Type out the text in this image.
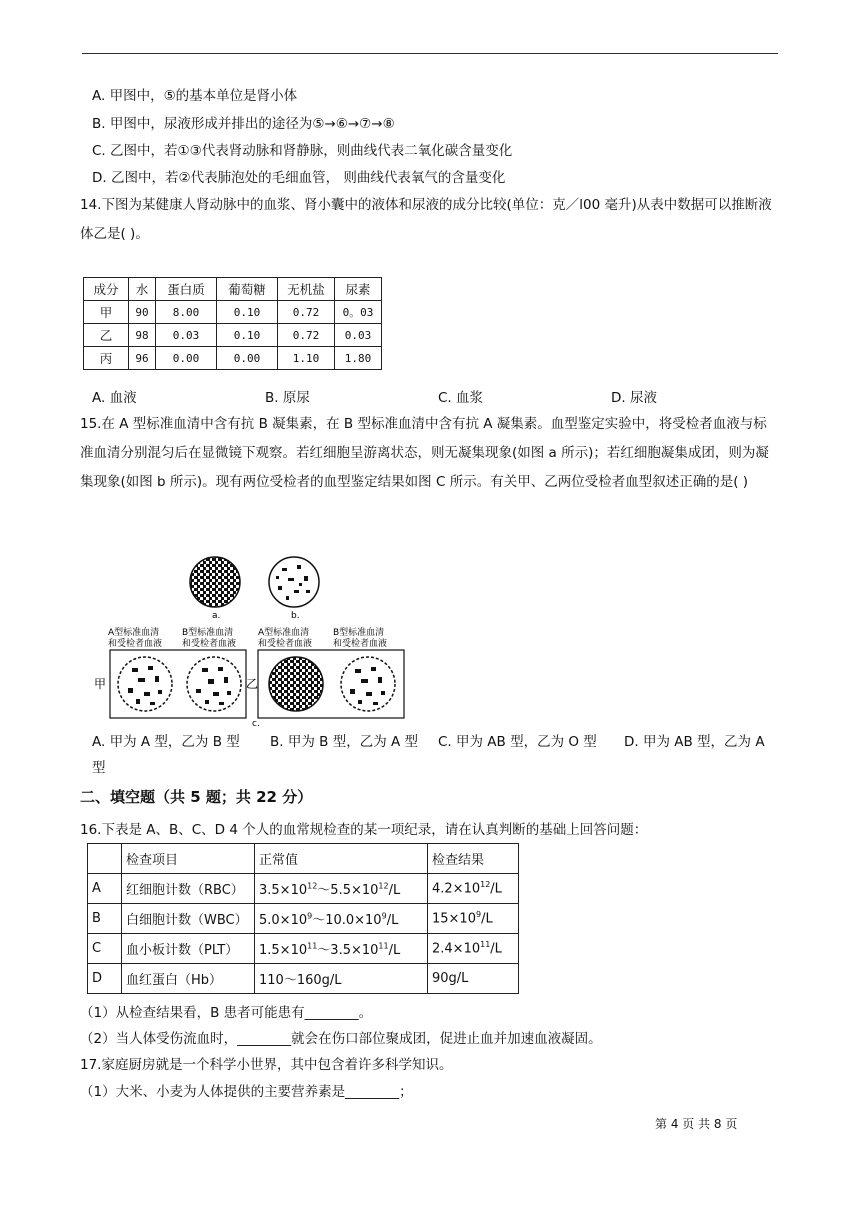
A. 甲图中，⑤的基本单位是肾小体
B. 甲图中，尿液形成并排出的途径为⑤→⑥→⑦→⑧
C. 乙图中，若①③代表肾动脉和肾静脉，则曲线代表二氧化碳含量变化
D. 乙图中，若②代表肺泡处的毛细血管， 则曲线代表氧气的含量变化
14.下图为某健康人肾动脉中的血浆、肾小囊中的液体和尿液的成分比较(单位：克／l00 毫升)从表中数据可以推断液体乙是( )。
成分	水	蛋白质	葡萄糖	无机盐	尿素
甲	90	8.00	0.10	0.72	0。03
乙	98	0.03	0.10	0.72	0.03
丙	96	0.00	0.00	1.10	1.80
A. 血液	B. 原尿	C. 血浆	D. 尿液
15.在 A 型标准血清中含有抗 B 凝集素，在 B 型标准血清中含有抗 A 凝集素。血型鉴定实验中，将受检者血液与标准血清分别混匀后在显微镜下观察。若红细胞呈游离状态，则无凝集现象(如图 a 所示)；若红细胞凝集成团，则为凝集现象(如图 b 所示)。现有两位受检者的血型鉴定结果如图 C 所示。有关甲、乙两位受检者血型叙述正确的是( )
a.	b.
A型标准血清
和受检者血液
B型标准血清
和受检者血液
A型标准血清
和受检者血液
B型标准血清
和受检者血液
甲	乙
c.
A. 甲为 A 型，乙为 B 型 B. 甲为 B 型，乙为 A 型 C. 甲为 AB 型，乙为 O 型 D. 甲为 AB 型，乙为 A
型
二、填空题（共 5 题；共 22 分）
16.下表是 A、B、C、D 4 个人的血常规检查的某一项纪录，请在认真判断的基础上回答问题：
	检查项目	正常值	检查结果
A	红细胞计数（RBC）	$3.5\times 10^{12}\sim 5.5\times 10^{12}/L$	$4.2\times 10^{12}/L$
B	白细胞计数（WBC）	$5.0\times 10^9\sim 10.0\times 10^9/L$	$15\times 10^9/L$
C	血小板计数（PLT）	$1.5\times 10^{11}\sim 3.5\times 10^{11}/L$	$2.4\times 10^{11}/L$
D	血红蛋白（Hb）	110～160g/L	90g/L
（1）从检查结果看，B 患者可能患有________。
（2）当人体受伤流血时，________就会在伤口部位聚成团，促进止血并加速血液凝固。
17.家庭厨房就是一个科学小世界，其中包含着许多科学知识。
（1）大米、小麦为人体提供的主要营养素是________；
第 4 页 共 8 页
